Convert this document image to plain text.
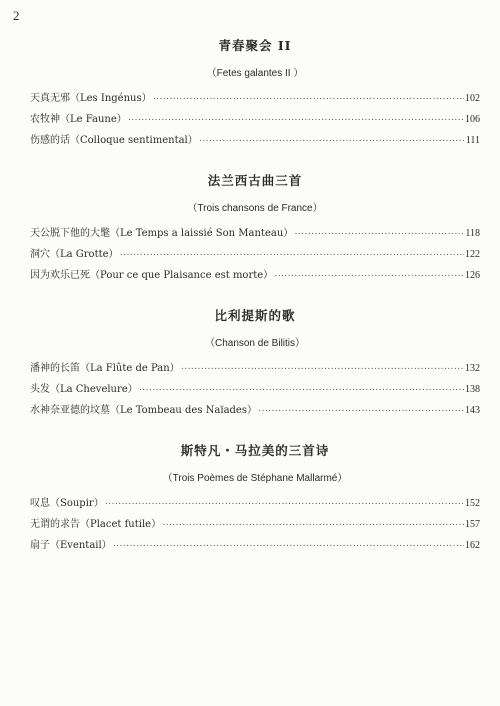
2
青春聚会 II
（Fetes galantes II ）
天真无邪（Les Ingénus） ·····	102
农牧神（Le Faune） ·····	106
伤感的话（Colloque sentimental） ·····	111
法兰西古曲三首
（Trois chansons de France）
天公脱下他的大氅（Le Temps a laissié Son Manteau） ·····	118
洞穴（La Grotte） ·····	122
因为欢乐已死（Pour ce que Plaisance est morte） ·····	126
比利提斯的歌
（Chanson de Bilitis）
潘神的长笛（La Flûte de Pan） ·····	132
头发（La Chevelure） ·····	138
水神奈亚德的坟墓（Le Tombeau des Naïades） ·····	143
斯特凡・马拉美的三首诗
（Trois Poèmes de Stéphane Mallarmé）
叹息（Soupir） ·····	152
无谓的求告（Placet futile） ·····	157
扇子（Eventail） ·····	162
